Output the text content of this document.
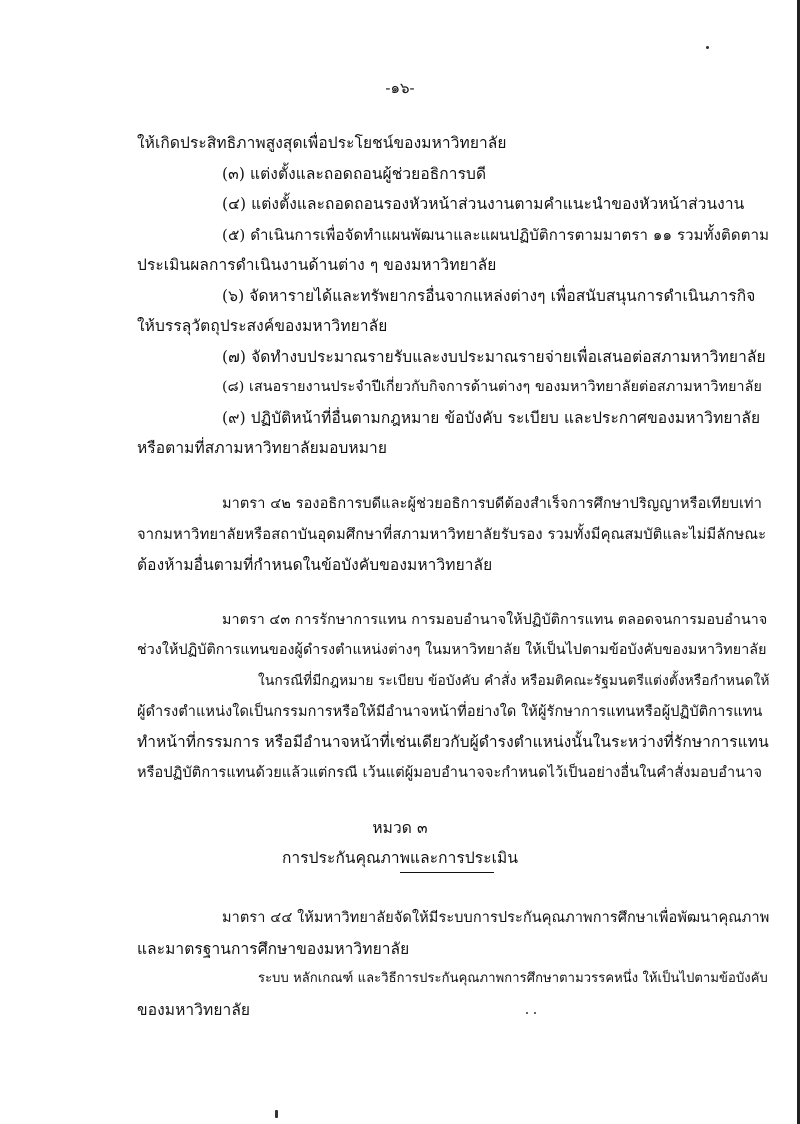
-๑๖-
ให้เกิดประสิทธิภาพสูงสุดเพื่อประโยชน์ของมหาวิทยาลัย
(๓) แต่งตั้งและถอดถอนผู้ช่วยอธิการบดี
(๔) แต่งตั้งและถอดถอนรองหัวหน้าส่วนงานตามคำแนะนำของหัวหน้าส่วนงาน
(๕) ดำเนินการเพื่อจัดทำแผนพัฒนาและแผนปฏิบัติการตามมาตรา ๑๑ รวมทั้งติดตาม
ประเมินผลการดำเนินงานด้านต่าง ๆ ของมหาวิทยาลัย
(๖) จัดหารายได้และทรัพยากรอื่นจากแหล่งต่างๆ เพื่อสนับสนุนการดำเนินภารกิจ
ให้บรรลุวัตถุประสงค์ของมหาวิทยาลัย
(๗) จัดทำงบประมาณรายรับและงบประมาณรายจ่ายเพื่อเสนอต่อสภามหาวิทยาลัย
(๘) เสนอรายงานประจำปีเกี่ยวกับกิจการด้านต่างๆ ของมหาวิทยาลัยต่อสภามหาวิทยาลัย
(๙) ปฏิบัติหน้าที่อื่นตามกฎหมาย ข้อบังคับ ระเบียบ และประกาศของมหาวิทยาลัย
หรือตามที่สภามหาวิทยาลัยมอบหมาย
มาตรา ๔๒ รองอธิการบดีและผู้ช่วยอธิการบดีต้องสำเร็จการศึกษาปริญญาหรือเทียบเท่า
จากมหาวิทยาลัยหรือสถาบันอุดมศึกษาที่สภามหาวิทยาลัยรับรอง รวมทั้งมีคุณสมบัติและไม่มีลักษณะ
ต้องห้ามอื่นตามที่กำหนดในข้อบังคับของมหาวิทยาลัย
มาตรา ๔๓ การรักษาการแทน การมอบอำนาจให้ปฏิบัติการแทน ตลอดจนการมอบอำนาจ
ช่วงให้ปฏิบัติการแทนของผู้ดำรงตำแหน่งต่างๆ ในมหาวิทยาลัย ให้เป็นไปตามข้อบังคับของมหาวิทยาลัย
ในกรณีที่มีกฎหมาย ระเบียบ ข้อบังคับ คำสั่ง หรือมติคณะรัฐมนตรีแต่งตั้งหรือกำหนดให้
ผู้ดำรงตำแหน่งใดเป็นกรรมการหรือให้มีอำนาจหน้าที่อย่างใด ให้ผู้รักษาการแทนหรือผู้ปฏิบัติการแทน
ทำหน้าที่กรรมการ หรือมีอำนาจหน้าที่เช่นเดียวกับผู้ดำรงตำแหน่งนั้นในระหว่างที่รักษาการแทน
หรือปฏิบัติการแทนด้วยแล้วแต่กรณี เว้นแต่ผู้มอบอำนาจจะกำหนดไว้เป็นอย่างอื่นในคำสั่งมอบอำนาจ
หมวด ๓
การประกันคุณภาพและการประเมิน
มาตรา ๔๔ ให้มหาวิทยาลัยจัดให้มีระบบการประกันคุณภาพการศึกษาเพื่อพัฒนาคุณภาพ
และมาตรฐานการศึกษาของมหาวิทยาลัย
ระบบ หลักเกณฑ์ และวิธีการประกันคุณภาพการศึกษาตามวรรคหนึ่ง ให้เป็นไปตามข้อบังคับ
ของมหาวิทยาลัย
